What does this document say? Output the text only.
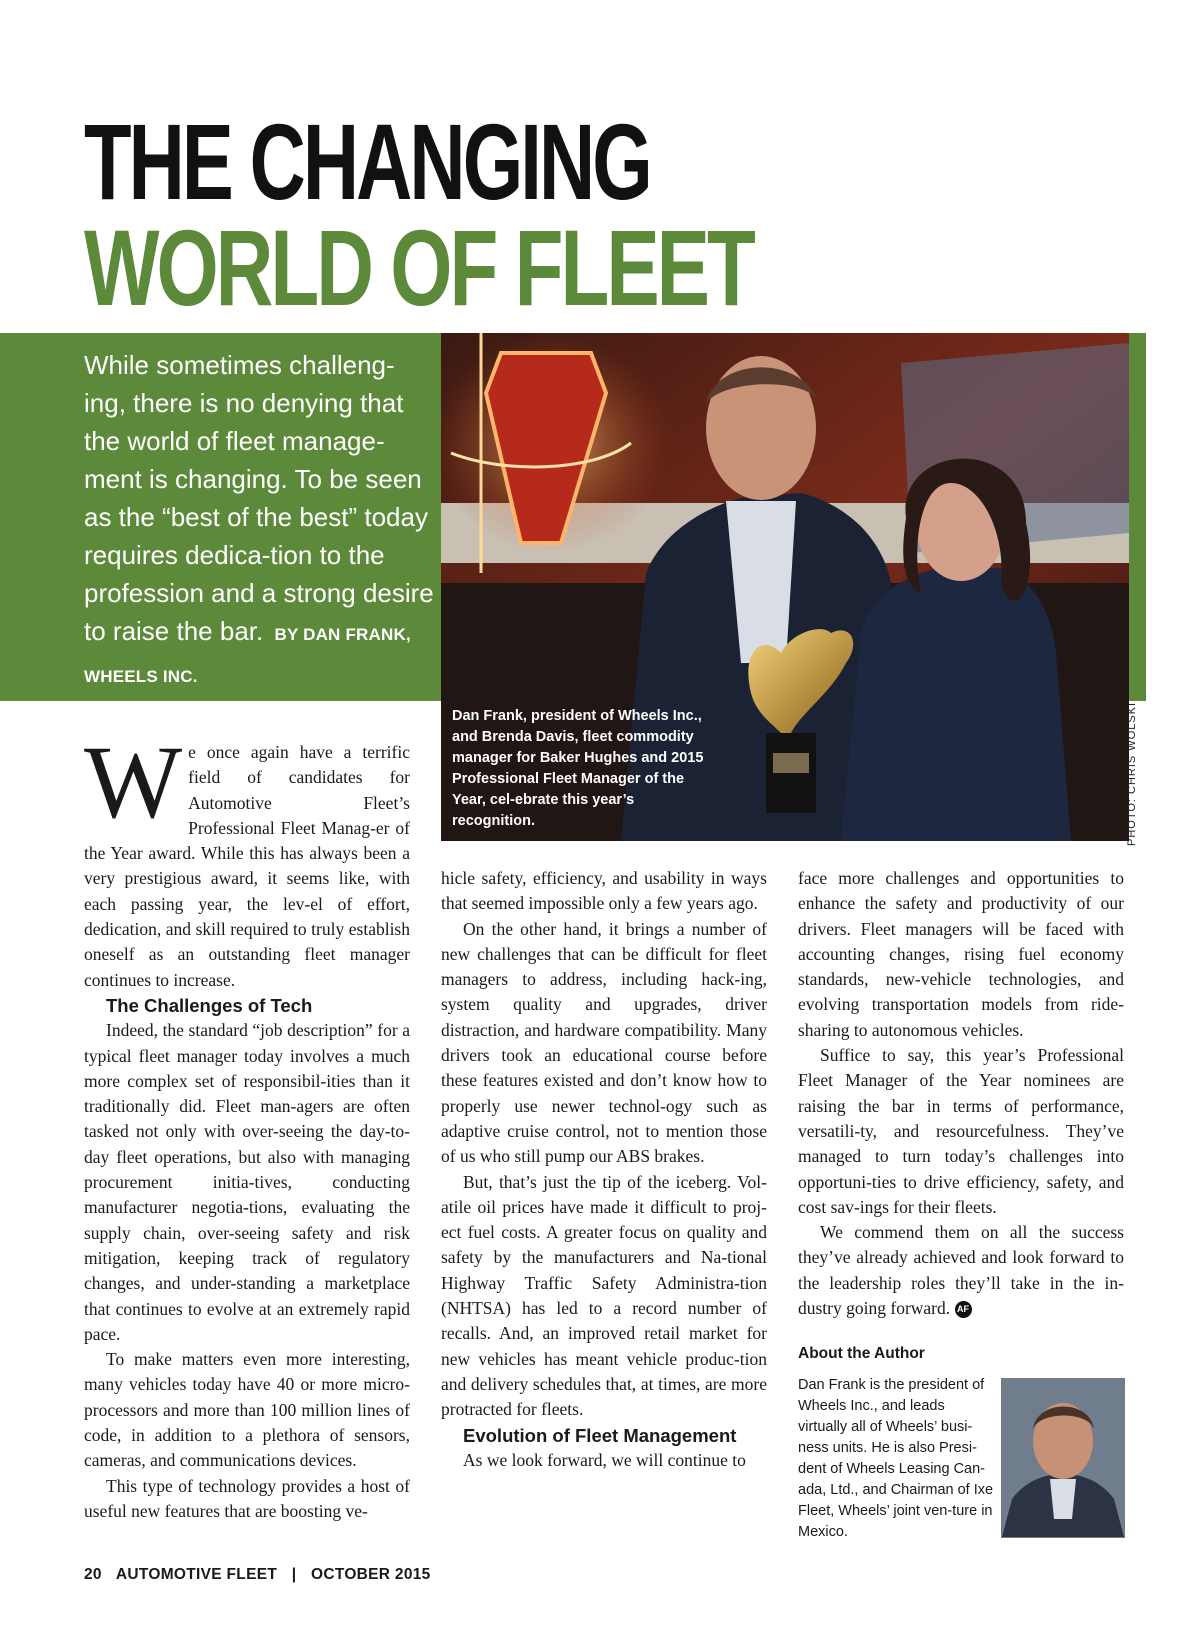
THE CHANGING
WORLD OF FLEET
While sometimes challeng-ing, there is no denying that the world of fleet manage-ment is changing. To be seen as the “best of the best” today requires dedica-tion to the profession and a strong desire to raise the bar. BY DAN FRANK, WHEELS INC.
Dan Frank, president of Wheels Inc., and Brenda Davis, fleet commodity manager for Baker Hughes and 2015 Professional Fleet Manager of the Year, cel-ebrate this year’s recognition.	PHOTO: CHRIS WOLSKI

We once again have a terrific field of candidates for Automotive Fleet’s Professional Fleet Manag-er of the Year award. While this has always been a very prestigious award, it seems like, with each passing year, the lev-el of effort, dedication, and skill required to truly establish oneself as an outstanding fleet manager continues to increase.

The Challenges of Tech

Indeed, the standard “job description” for a typical fleet manager today involves a much more complex set of responsibil-ities than it traditionally did. Fleet man-agers are often tasked not only with over-seeing the day-to-day fleet operations, but also with managing procurement initia-tives, conducting manufacturer negotia-tions, evaluating the supply chain, over-seeing safety and risk mitigation, keeping track of regulatory changes, and under-standing a marketplace that continues to evolve at an extremely rapid pace.

To make matters even more interesting, many vehicles today have 40 or more micro-processors and more than 100 million lines of code, in addition to a plethora of sensors, cameras, and communications devices.

This type of technology provides a host of useful new features that are boosting ve-

hicle safety, efficiency, and usability in ways that seemed impossible only a few years ago.

On the other hand, it brings a number of new challenges that can be difficult for fleet managers to address, including hack-ing, system quality and upgrades, driver distraction, and hardware compatibility. Many drivers took an educational course before these features existed and don’t know how to properly use newer technol-ogy such as adaptive cruise control, not to mention those of us who still pump our ABS brakes.

But, that’s just the tip of the iceberg. Vol-atile oil prices have made it difficult to proj-ect fuel costs. A greater focus on quality and safety by the manufacturers and Na-tional Highway Traffic Safety Administra-tion (NHTSA) has led to a record number of recalls. And, an improved retail market for new vehicles has meant vehicle produc-tion and delivery schedules that, at times, are more protracted for fleets.

Evolution of Fleet Management

As we look forward, we will continue to

face more challenges and opportunities to enhance the safety and productivity of our drivers. Fleet managers will be faced with accounting changes, rising fuel economy standards, new-vehicle technologies, and evolving transportation models from ride-sharing to autonomous vehicles.

Suffice to say, this year’s Professional Fleet Manager of the Year nominees are raising the bar in terms of performance, versatili-ty, and resourcefulness. They’ve managed to turn today’s challenges into opportuni-ties to drive efficiency, safety, and cost sav-ings for their fleets.

We commend them on all the success they’ve already achieved and look forward to the leadership roles they’ll take in the in-dustry going forward. AF

About the Author
Dan Frank is the president of Wheels Inc., and leads virtually all of Wheels’ busi-ness units. He is also Presi-dent of Wheels Leasing Can-ada, Ltd., and Chairman of Ixe Fleet, Wheels’ joint ven-ture in Mexico.
20 AUTOMOTIVE FLEET | OCTOBER 2015
